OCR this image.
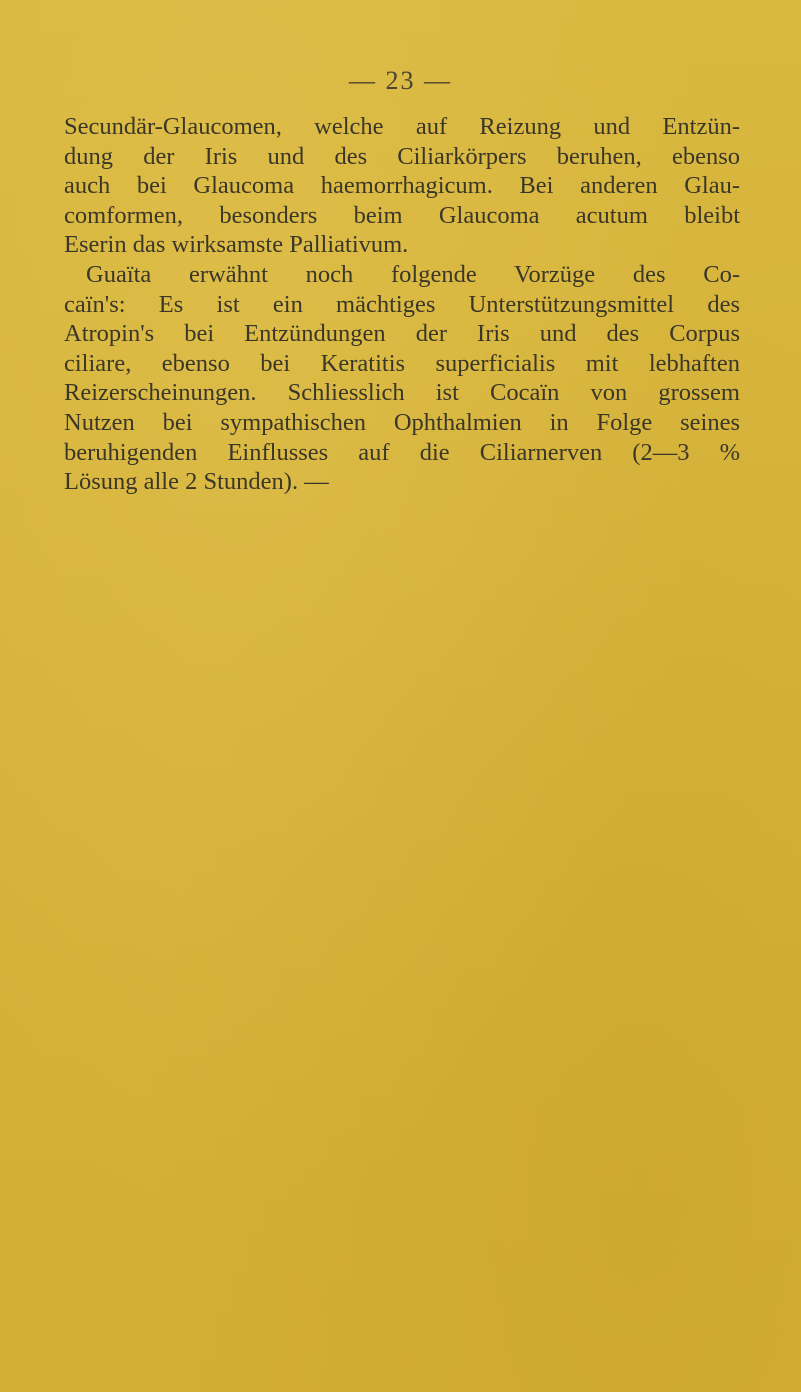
— 23 —
Secundär-Glaucomen, welche auf Reizung und Entzün-
dung der Iris und des Ciliarkörpers beruhen, ebenso
auch bei Glaucoma haemorrhagicum. Bei anderen Glau-
comformen, besonders beim Glaucoma acutum bleibt
Eserin das wirksamste Palliativum.
Guaïta erwähnt noch folgende Vorzüge des Co-
caïn's: Es ist ein mächtiges Unterstützungsmittel des
Atropin's bei Entzündungen der Iris und des Corpus
ciliare, ebenso bei Keratitis superficialis mit lebhaften
Reizerscheinungen. Schliesslich ist Cocaïn von grossem
Nutzen bei sympathischen Ophthalmien in Folge seines
beruhigenden Einflusses auf die Ciliarnerven (2—3 %
Lösung alle 2 Stunden). —
